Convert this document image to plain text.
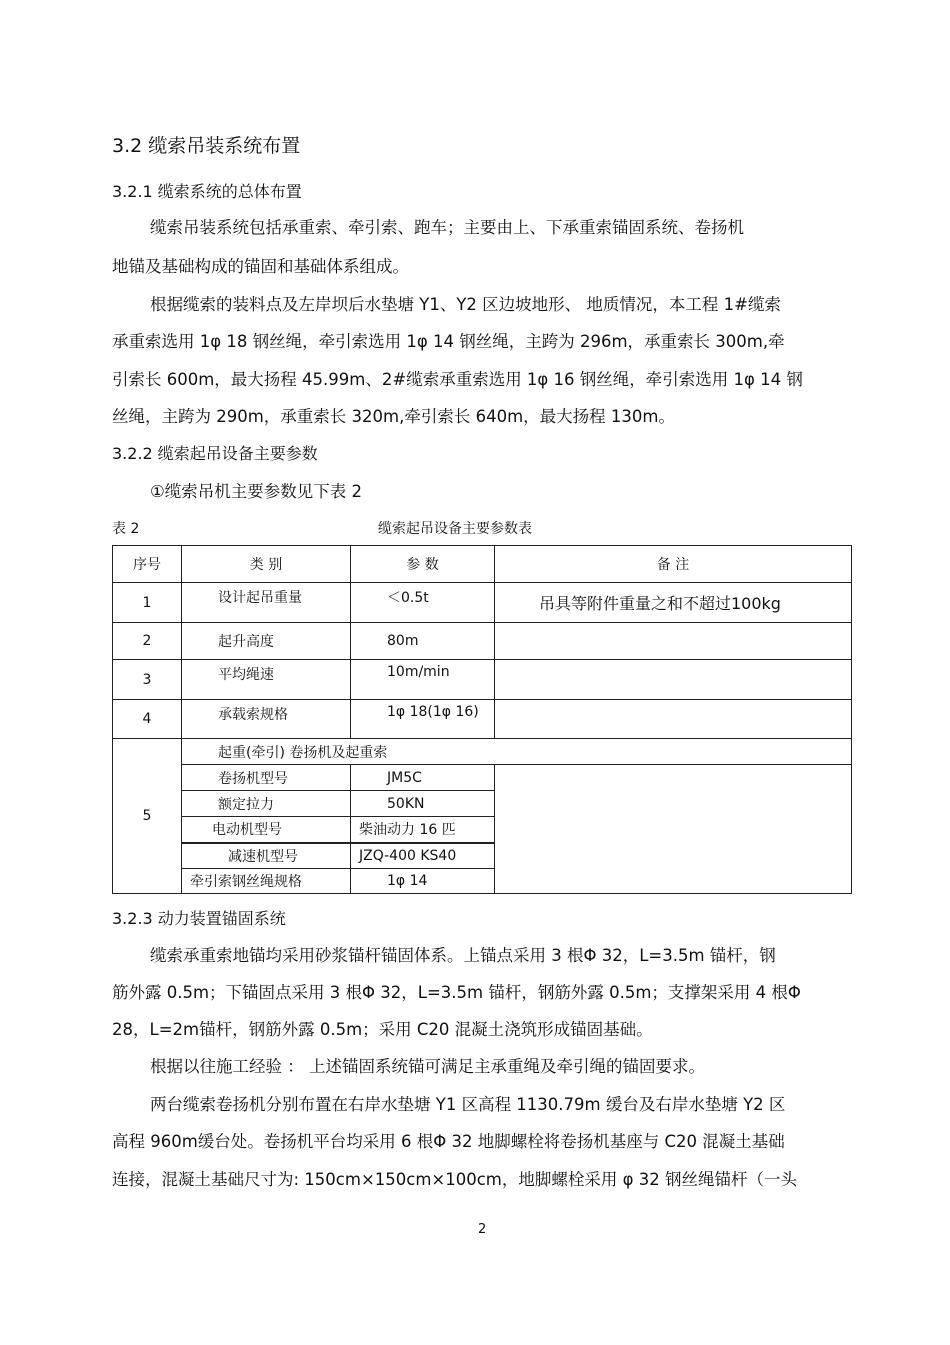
3.2 缆索吊装系统布置
3.2.1 缆索系统的总体布置
缆索吊装系统包括承重索、牵引索、跑车；主要由上、下承重索锚固系统、卷扬机
地锚及基础构成的锚固和基础体系组成。
根据缆索的装料点及左岸坝后水垫塘 Y1、Y2 区边坡地形、 地质情况，本工程 1#缆索
承重索选用 1φ 18 钢丝绳，牵引索选用 1φ 14 钢丝绳，主跨为 296m，承重索长 300m,牵
引索长 600m，最大扬程 45.99m、2#缆索承重索选用 1φ 16 钢丝绳，牵引索选用 1φ 14 钢
丝绳，主跨为 290m，承重索长 320m,牵引索长 640m，最大扬程 130m。
3.2.2 缆索起吊设备主要参数
①缆索吊机主要参数见下表 2
表 2	缆索起吊设备主要参数表
序号	类 别	参 数	备 注
1	设计起吊重量	＜0.5t	吊具等附件重量之和不超过100kg
2	起升高度	80m	
3	平均绳速	10m/min	
4	承载索规格	1φ 18(1φ 16)	
5	起重(牵引) 卷扬机及起重索		
	卷扬机型号	JM5C	
	额定拉力	50KN	
	电动机型号	柴油动力 16 匹	
	减速机型号	JZQ-400 KS40	
	牵引索钢丝绳规格	1φ 14	
3.2.3 动力装置锚固系统
缆索承重索地锚均采用砂浆锚杆锚固体系。上锚点采用 3 根Φ 32，L=3.5m 锚杆，钢
筋外露 0.5m；下锚固点采用 3 根Φ 32，L=3.5m 锚杆，钢筋外露 0.5m；支撑架采用 4 根Φ
28，L=2m锚杆，钢筋外露 0.5m；采用 C20 混凝土浇筑形成锚固基础。
根据以往施工经验 ： 上述锚固系统锚可满足主承重绳及牵引绳的锚固要求。
两台缆索卷扬机分别布置在右岸水垫塘 Y1 区高程 1130.79m 缓台及右岸水垫塘 Y2 区
高程 960m缓台处。卷扬机平台均采用 6 根Φ 32 地脚螺栓将卷扬机基座与 C20 混凝土基础
连接，混凝土基础尺寸为: 150cm×150cm×100cm，地脚螺栓采用 φ 32 钢丝绳锚杆（一头
2
